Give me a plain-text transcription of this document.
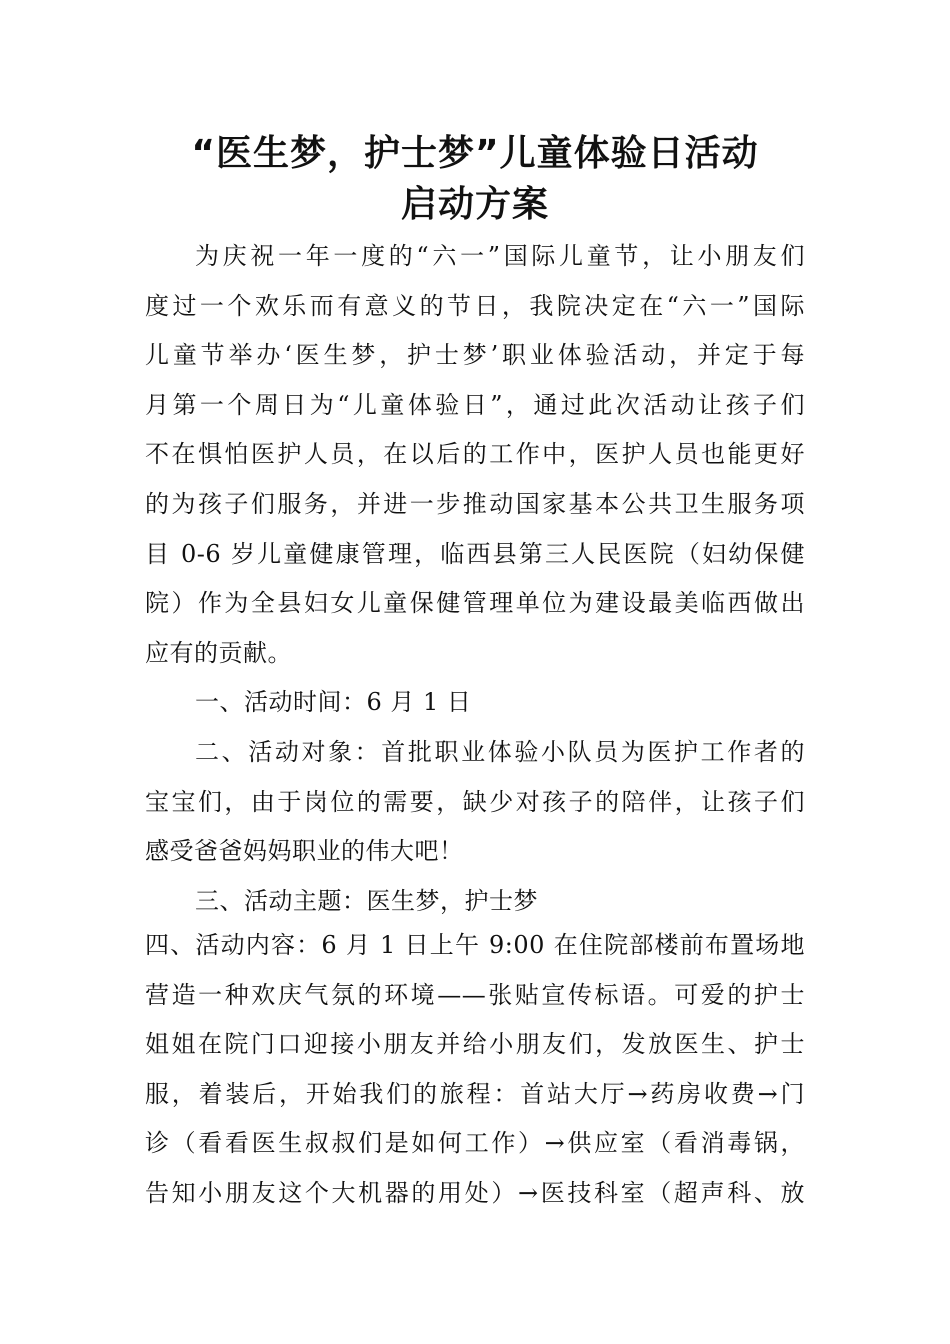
“医生梦，护士梦”儿童体验日活动
启动方案
为庆祝一年一度的“六一”国际儿童节，让小朋友们
度过一个欢乐而有意义的节日，我院决定在“六一”国际
儿童节举办‘医生梦，护士梦’职业体验活动，并定于每
月第一个周日为“儿童体验日”，通过此次活动让孩子们
不在惧怕医护人员，在以后的工作中，医护人员也能更好
的为孩子们服务，并进一步推动国家基本公共卫生服务项
目 0-6 岁儿童健康管理，临西县第三人民医院（妇幼保健
院）作为全县妇女儿童保健管理单位为建设最美临西做出
应有的贡献。
一、活动时间：6 月 1 日
二、活动对象：首批职业体验小队员为医护工作者的
宝宝们，由于岗位的需要，缺少对孩子的陪伴，让孩子们
感受爸爸妈妈职业的伟大吧！
三、活动主题：医生梦，护士梦
四、活动内容：6 月 1 日上午 9:00 在住院部楼前布置场地
营造一种欢庆气氛的环境——张贴宣传标语。可爱的护士
姐姐在院门口迎接小朋友并给小朋友们，发放医生、护士
服，着装后，开始我们的旅程：首站大厅→药房收费→门
诊（看看医生叔叔们是如何工作）→供应室（看消毒锅，
告知小朋友这个大机器的用处）→医技科室（超声科、放
